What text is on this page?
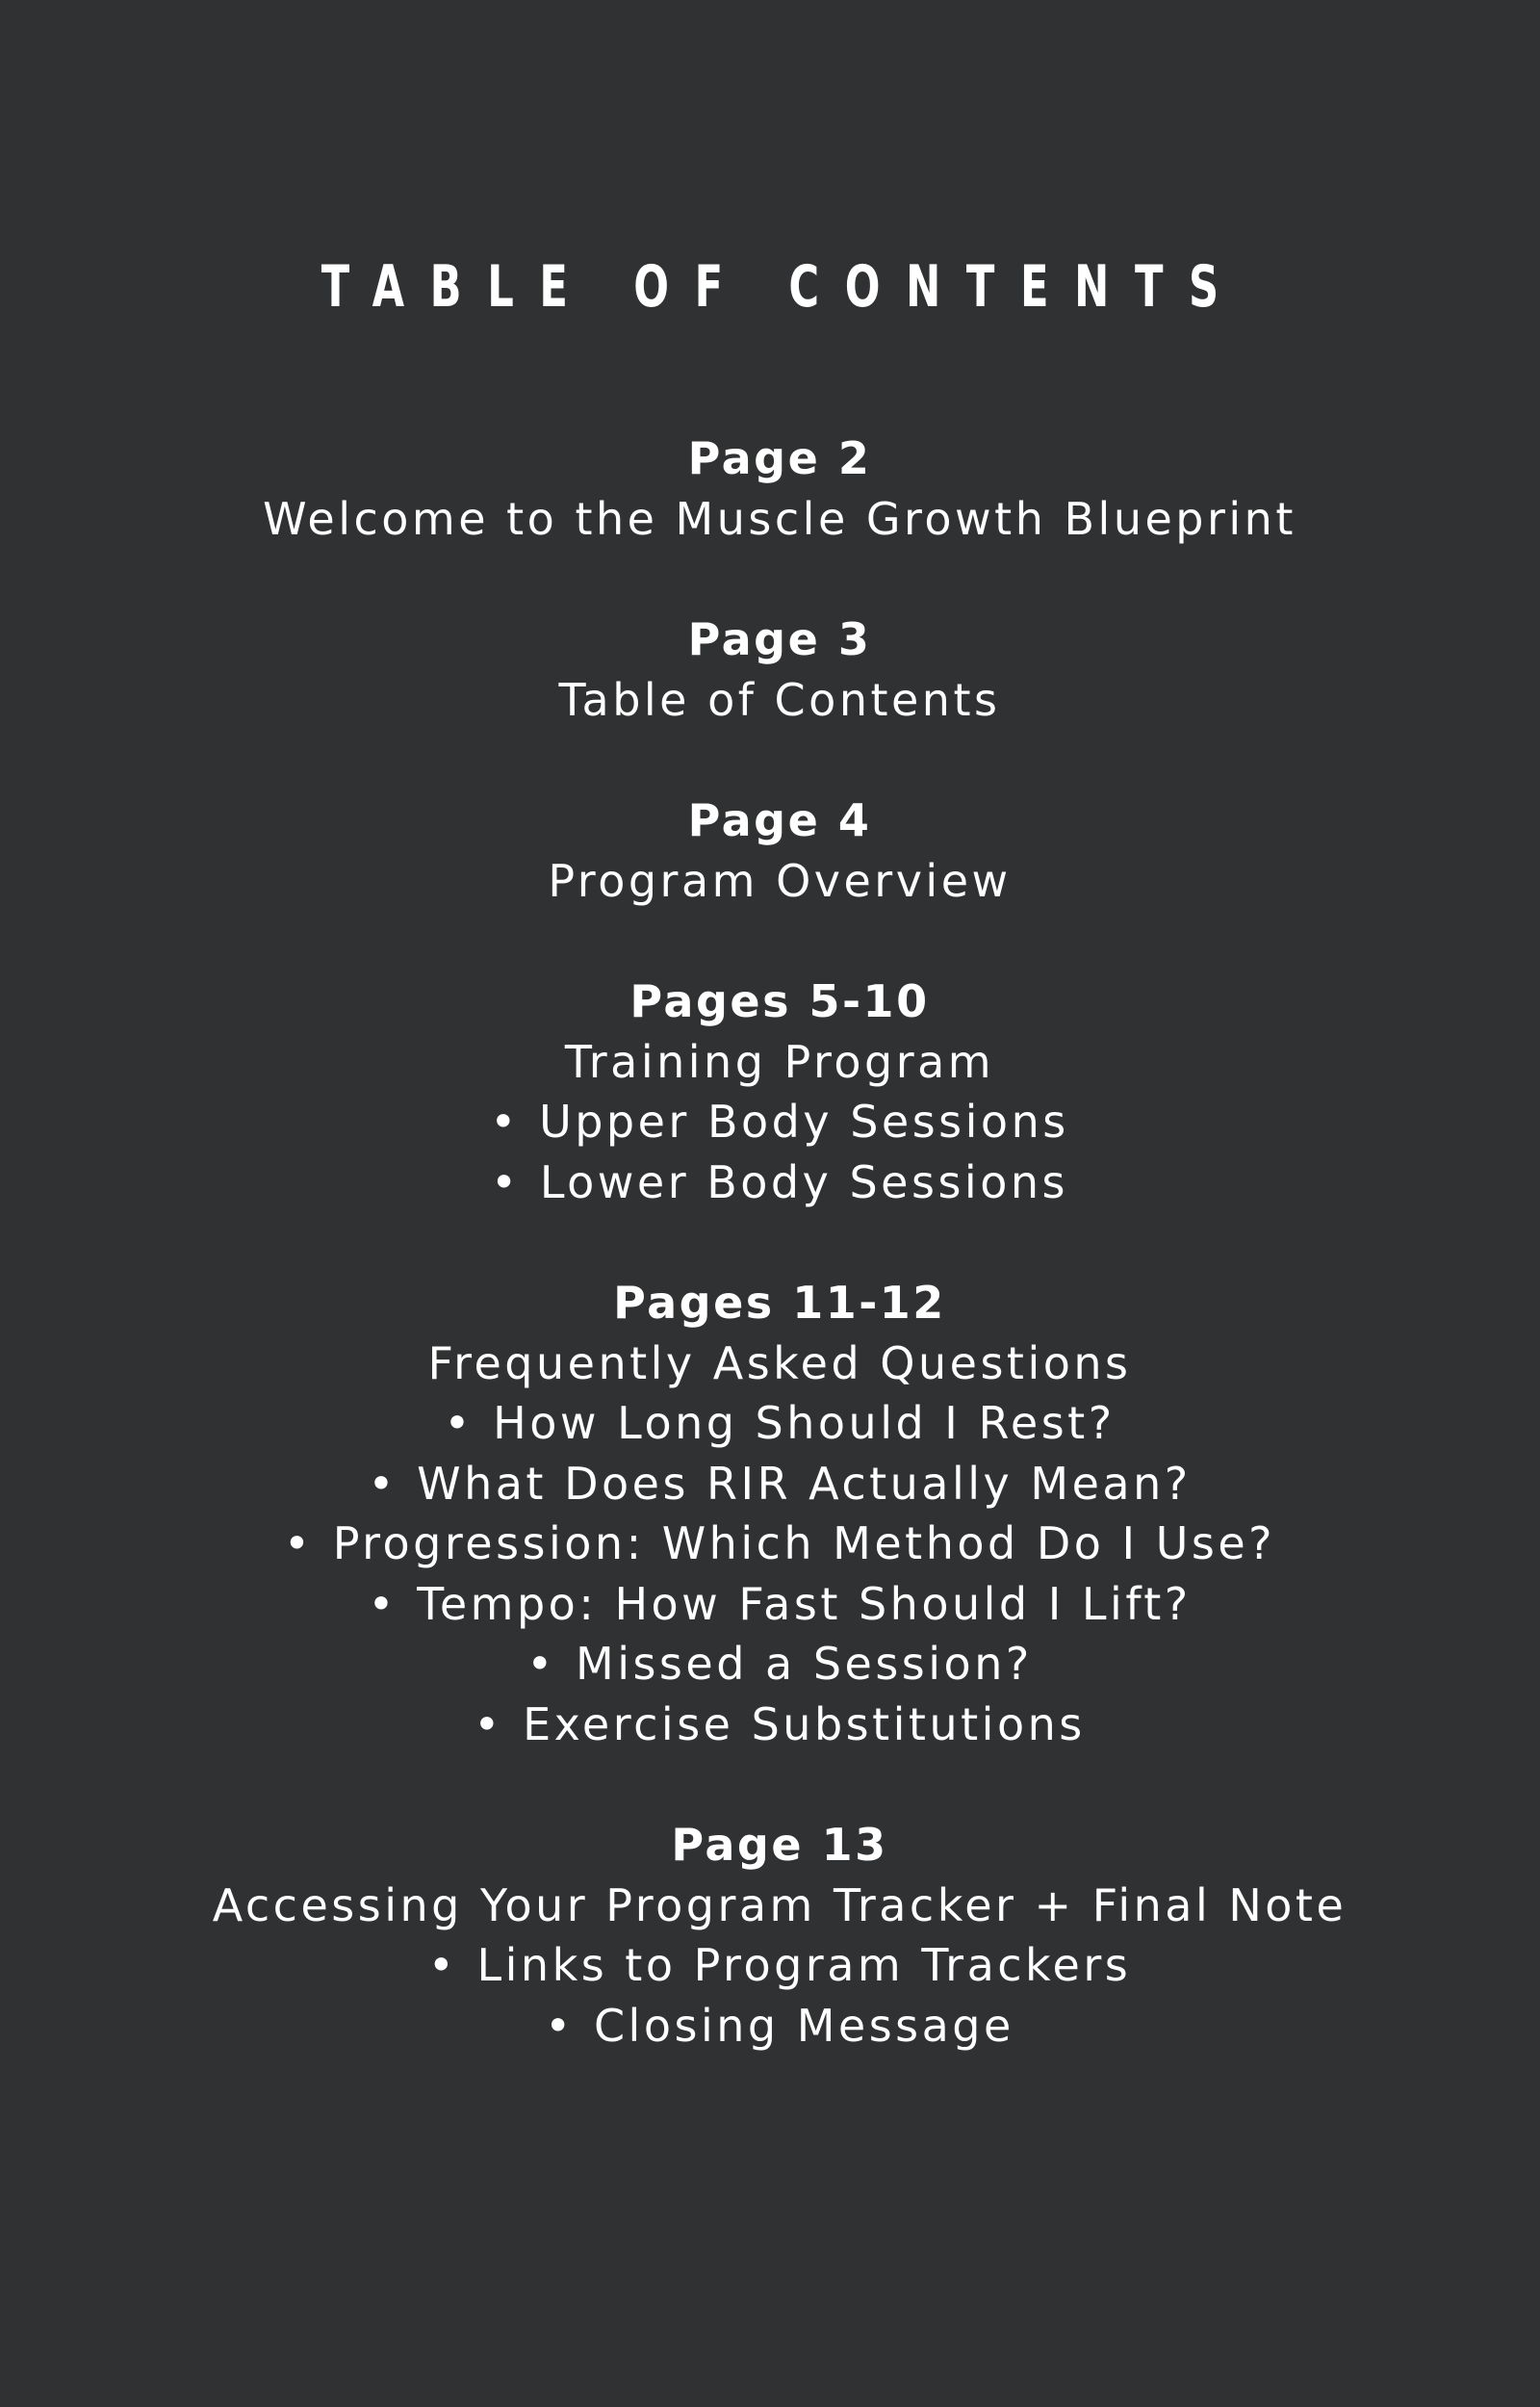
TABLE OF CONTENTS
Page 2
Welcome to the Muscle Growth Blueprint
Page 3
Table of Contents
Page 4
Program Overview
Pages 5-10
Training Program
• Upper Body Sessions
• Lower Body Sessions
Pages 11-12
Frequently Asked Questions
• How Long Should I Rest?
• What Does RIR Actually Mean?
• Progression: Which Method Do I Use?
• Tempo: How Fast Should I Lift?
• Missed a Session?
• Exercise Substitutions
Page 13
Accessing Your Program Tracker + Final Note
• Links to Program Trackers
• Closing Message
